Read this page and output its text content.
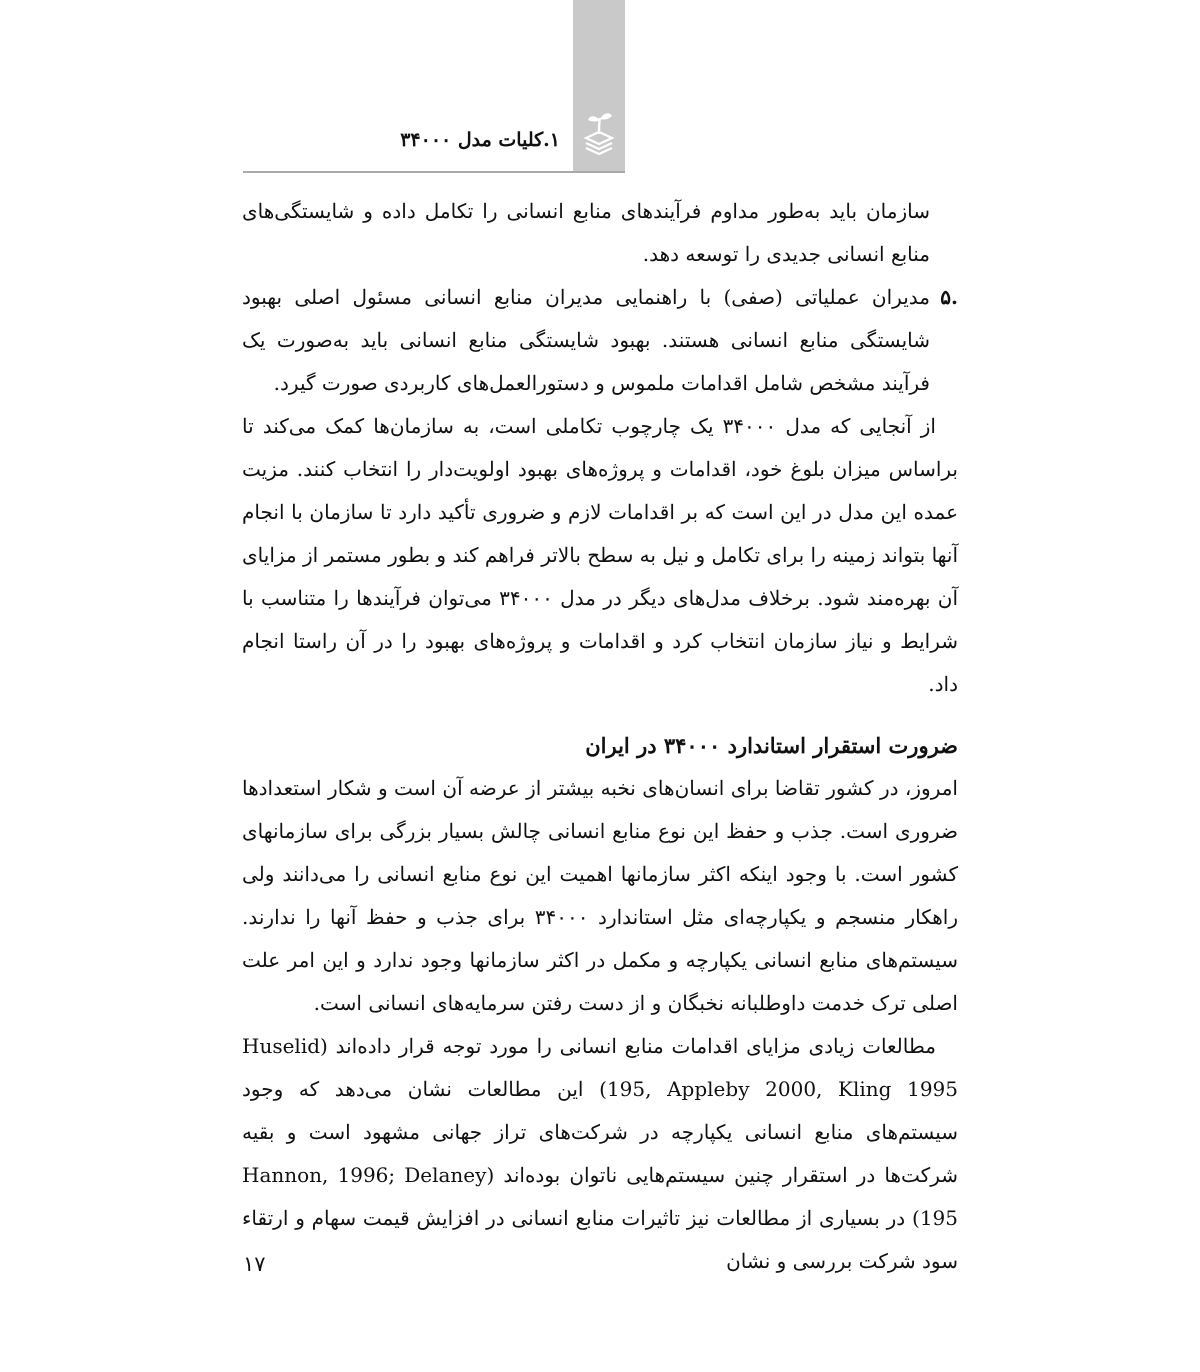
۱.کلیات مدل ۳۴۰۰۰

سازمان باید به‌طور مداوم فرآیندهای منابع انسانی را تکامل داده و شایستگی‌های منابع انسانی جدیدی را توسعه دهد.

.۵

مدیران عملیاتی (صفی) با راهنمایی مدیران منابع انسانی مسئول اصلی بهبود شایستگی منابع انسانی هستند. بهبود شایستگی منابع انسانی باید به‌صورت یک فرآیند مشخص شامل اقدامات ملموس و دستورالعمل‌های کاربردی صورت گیرد.

از آنجایی که مدل ۳۴۰۰۰ یک چارچوب تکاملی است، به سازمان‌ها کمک می‌کند تا براساس میزان بلوغ خود، اقدامات و پروژه‌های بهبود اولویت‌دار را انتخاب کنند. مزیت عمده این مدل در این است که بر اقدامات لازم و ضروری تأکید دارد تا سازمان با انجام آنها بتواند زمینه را برای تکامل و نیل به سطح بالاتر فراهم کند و بطور مستمر از مزایای آن بهره‌مند شود. برخلاف مدل‌های دیگر در مدل ۳۴۰۰۰ می‌توان فرآیندها را متناسب با شرایط و نیاز سازمان انتخاب کرد و اقدامات و پروژه‌های بهبود را در آن راستا انجام داد.

ضرورت استقرار استاندارد ۳۴۰۰۰ در ایران

امروز، در کشور تقاضا برای انسان‌های نخبه بیشتر از عرضه آن است و شکار استعدادها ضروری است. جذب و حفظ این نوع منابع انسانی چالش بسیار بزرگی برای سازمانهای کشور است. با وجود اینکه اکثر سازمانها اهمیت این نوع منابع انسانی را می‌دانند ولی راهکار منسجم و یکپارچه‌ای مثل استاندارد ۳۴۰۰۰ برای جذب و حفظ آنها را ندارند. سیستم‌های منابع انسانی یکپارچه و مکمل در اکثر سازمانها وجود ندارد و این امر علت اصلی ترک خدمت داوطلبانه نخبگان و از دست رفتن سرمایه‌های انسانی است.

مطالعات زیادی مزایای اقدامات منابع انسانی را مورد توجه قرار داده‌اند (Huselid 195, Appleby 2000, Kling 1995) این مطالعات نشان می‌دهد که وجود سیستم‌های منابع انسانی یکپارچه در شرکت‌های تراز جهانی مشهود است و بقیه شرکت‌ها در استقرار چنین سیستم‌هایی ناتوان بوده‌اند (Hannon, 1996; Delaney 195) در بسیاری از مطالعات نیز تاثیرات منابع انسانی در افزایش قیمت سهام و ارتقاء سود شرکت بررسی و نشان

۱۷
